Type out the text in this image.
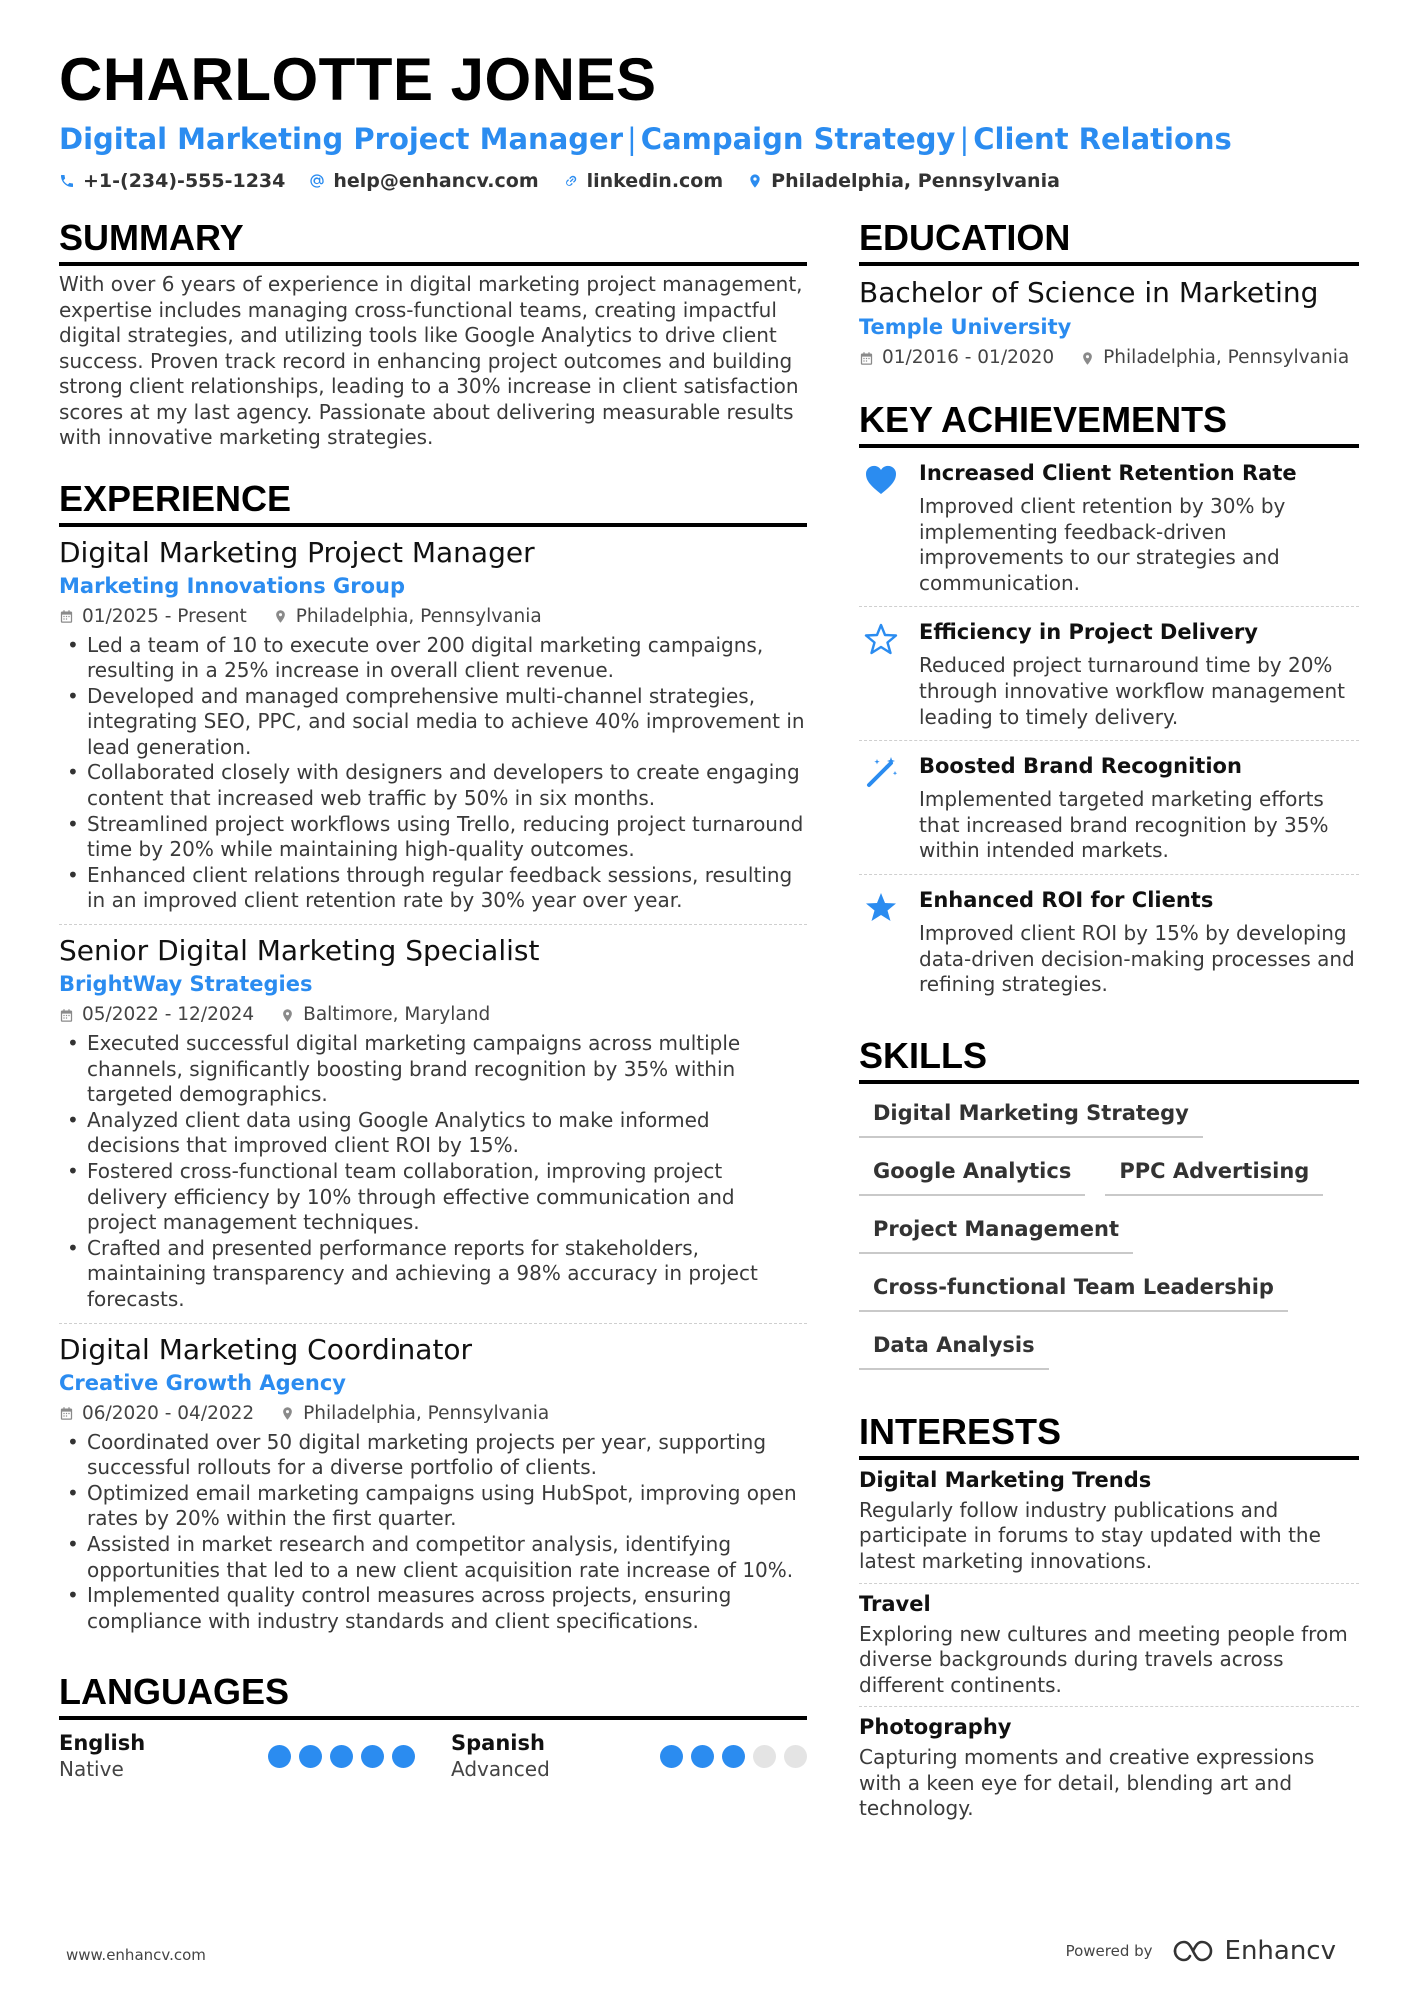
CHARLOTTE JONES
Digital Marketing Project Manager | Campaign Strategy | Client Relations
+1-(234)-555-1234	help@enhancv.com	linkedin.com	Philadelphia, Pennsylvania
SUMMARY
With over 6 years of experience in digital marketing project management, expertise includes managing cross-functional teams, creating impactful digital strategies, and utilizing tools like Google Analytics to drive client success. Proven track record in enhancing project outcomes and building strong client relationships, leading to a 30% increase in client satisfaction scores at my last agency. Passionate about delivering measurable results with innovative marketing strategies.
EXPERIENCE
Digital Marketing Project Manager
Marketing Innovations Group
01/2025 - Present	Philadelphia, Pennsylvania
• Led a team of 10 to execute over 200 digital marketing campaigns, resulting in a 25% increase in overall client revenue.
• Developed and managed comprehensive multi-channel strategies, integrating SEO, PPC, and social media to achieve 40% improvement in lead generation.
• Collaborated closely with designers and developers to create engaging content that increased web traffic by 50% in six months.
• Streamlined project workflows using Trello, reducing project turnaround time by 20% while maintaining high-quality outcomes.
• Enhanced client relations through regular feedback sessions, resulting in an improved client retention rate by 30% year over year.
Senior Digital Marketing Specialist
BrightWay Strategies
05/2022 - 12/2024	Baltimore, Maryland
• Executed successful digital marketing campaigns across multiple channels, significantly boosting brand recognition by 35% within targeted demographics.
• Analyzed client data using Google Analytics to make informed decisions that improved client ROI by 15%.
• Fostered cross-functional team collaboration, improving project delivery efficiency by 10% through effective communication and project management techniques.
• Crafted and presented performance reports for stakeholders, maintaining transparency and achieving a 98% accuracy in project forecasts.
Digital Marketing Coordinator
Creative Growth Agency
06/2020 - 04/2022	Philadelphia, Pennsylvania
• Coordinated over 50 digital marketing projects per year, supporting successful rollouts for a diverse portfolio of clients.
• Optimized email marketing campaigns using HubSpot, improving open rates by 20% within the first quarter.
• Assisted in market research and competitor analysis, identifying opportunities that led to a new client acquisition rate increase of 10%.
• Implemented quality control measures across projects, ensuring compliance with industry standards and client specifications.
LANGUAGES
English
Native
Spanish
Advanced
EDUCATION
Bachelor of Science in Marketing
Temple University
01/2016 - 01/2020	Philadelphia, Pennsylvania
KEY ACHIEVEMENTS
Increased Client Retention Rate
Improved client retention by 30% by implementing feedback-driven improvements to our strategies and communication.
Efficiency in Project Delivery
Reduced project turnaround time by 20% through innovative workflow management leading to timely delivery.
Boosted Brand Recognition
Implemented targeted marketing efforts that increased brand recognition by 35% within intended markets.
Enhanced ROI for Clients
Improved client ROI by 15% by developing data-driven decision-making processes and refining strategies.
SKILLS
Digital Marketing Strategy
Google Analytics	PPC Advertising
Project Management
Cross-functional Team Leadership
Data Analysis
INTERESTS
Digital Marketing Trends
Regularly follow industry publications and participate in forums to stay updated with the latest marketing innovations.
Travel
Exploring new cultures and meeting people from diverse backgrounds during travels across different continents.
Photography
Capturing moments and creative expressions with a keen eye for detail, blending art and technology.
www.enhancv.com	Powered by	Enhancv
